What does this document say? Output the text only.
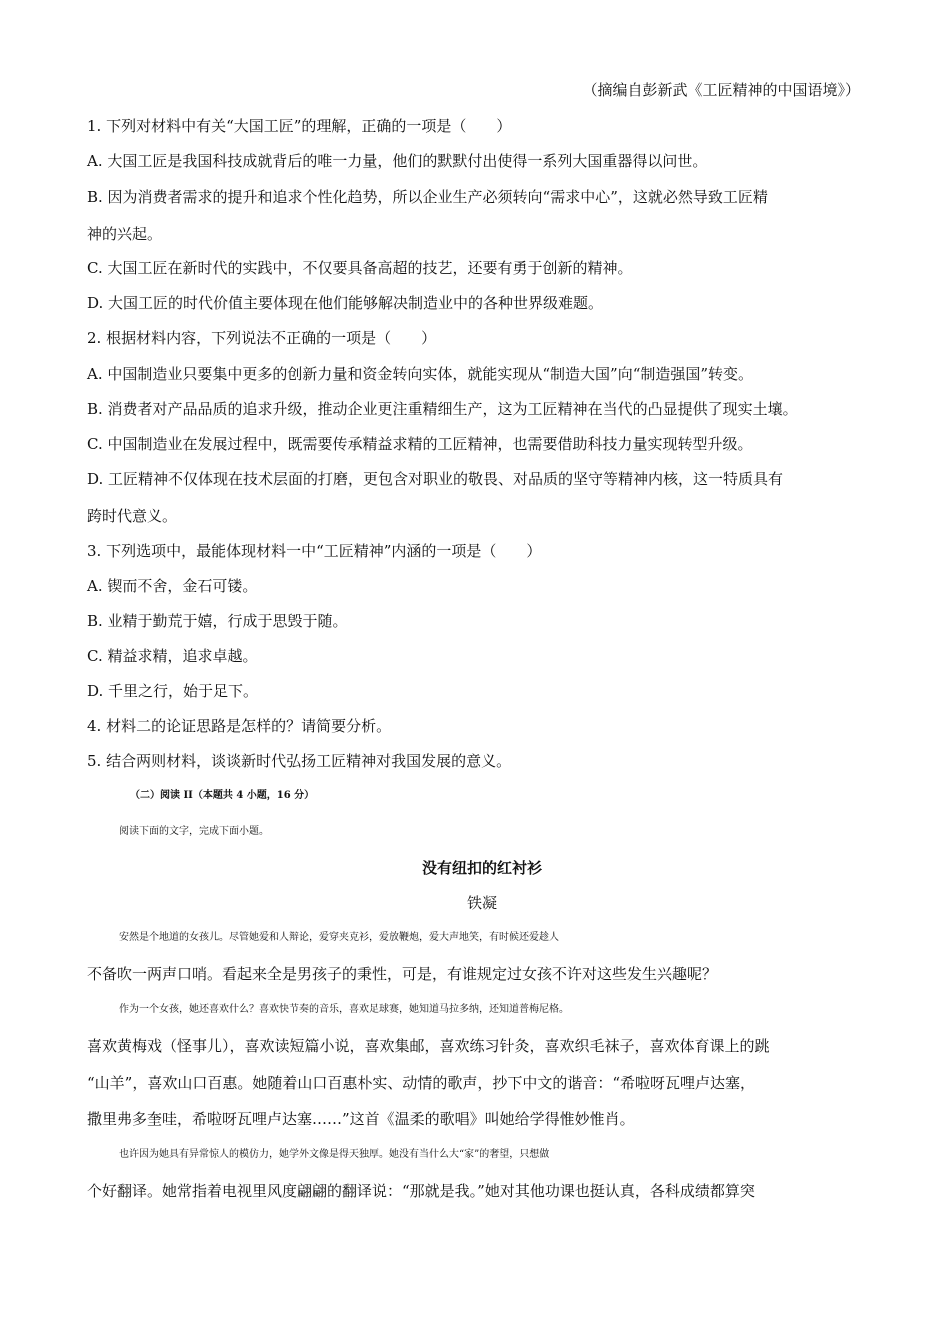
（摘编自彭新武《工匠精神的中国语境》）
1. 下列对材料中有关“大国工匠”的理解，正确的一项是（　　）
A. 大国工匠是我国科技成就背后的唯一力量，他们的默默付出使得一系列大国重器得以问世。
B. 因为消费者需求的提升和追求个性化趋势，所以企业生产必须转向“需求中心”，这就必然导致工匠精
神的兴起。
C. 大国工匠在新时代的实践中，不仅要具备高超的技艺，还要有勇于创新的精神。
D. 大国工匠的时代价值主要体现在他们能够解决制造业中的各种世界级难题。
2. 根据材料内容，下列说法不正确的一项是（　　）
A. 中国制造业只要集中更多的创新力量和资金转向实体，就能实现从“制造大国”向“制造强国”转变。
B. 消费者对产品品质的追求升级，推动企业更注重精细生产，这为工匠精神在当代的凸显提供了现实土壤。
C. 中国制造业在发展过程中，既需要传承精益求精的工匠精神，也需要借助科技力量实现转型升级。
D. 工匠精神不仅体现在技术层面的打磨，更包含对职业的敬畏、对品质的坚守等精神内核，这一特质具有
跨时代意义。
3. 下列选项中，最能体现材料一中“工匠精神”内涵的一项是（　　）
A. 锲而不舍，金石可镂。
B. 业精于勤荒于嬉，行成于思毁于随。
C. 精益求精，追求卓越。
D. 千里之行，始于足下。
4. 材料二的论证思路是怎样的？请简要分析。
5. 结合两则材料，谈谈新时代弘扬工匠精神对我国发展的意义。
（二）阅读 II（本题共 4 小题，16 分）
阅读下面的文字，完成下面小题。
没有纽扣的红衬衫
铁凝
安然是个地道的女孩儿。尽管她爱和人辩论，爱穿夹克衫，爱放鞭炮，爱大声地笑，有时候还爱趁人
不备吹一两声口哨。看起来全是男孩子的秉性，可是，有谁规定过女孩不许对这些发生兴趣呢？
作为一个女孩，她还喜欢什么？喜欢快节奏的音乐，喜欢足球赛，她知道马拉多纳，还知道普梅尼格。
喜欢黄梅戏（怪事儿），喜欢读短篇小说，喜欢集邮，喜欢练习针灸，喜欢织毛袜子，喜欢体育课上的跳
“山羊”，喜欢山口百惠。她随着山口百惠朴实、动情的歌声，抄下中文的谐音：“希啦呀瓦哩卢达塞，
撒里弗多奎哇，希啦呀瓦哩卢达塞……”这首《温柔的歌唱》叫她给学得惟妙惟肖。
也许因为她具有异常惊人的模仿力，她学外文像是得天独厚。她没有当什么大“家”的奢望，只想做
个好翻译。她常指着电视里风度翩翩的翻译说：“那就是我。”她对其他功课也挺认真，各科成绩都算突
